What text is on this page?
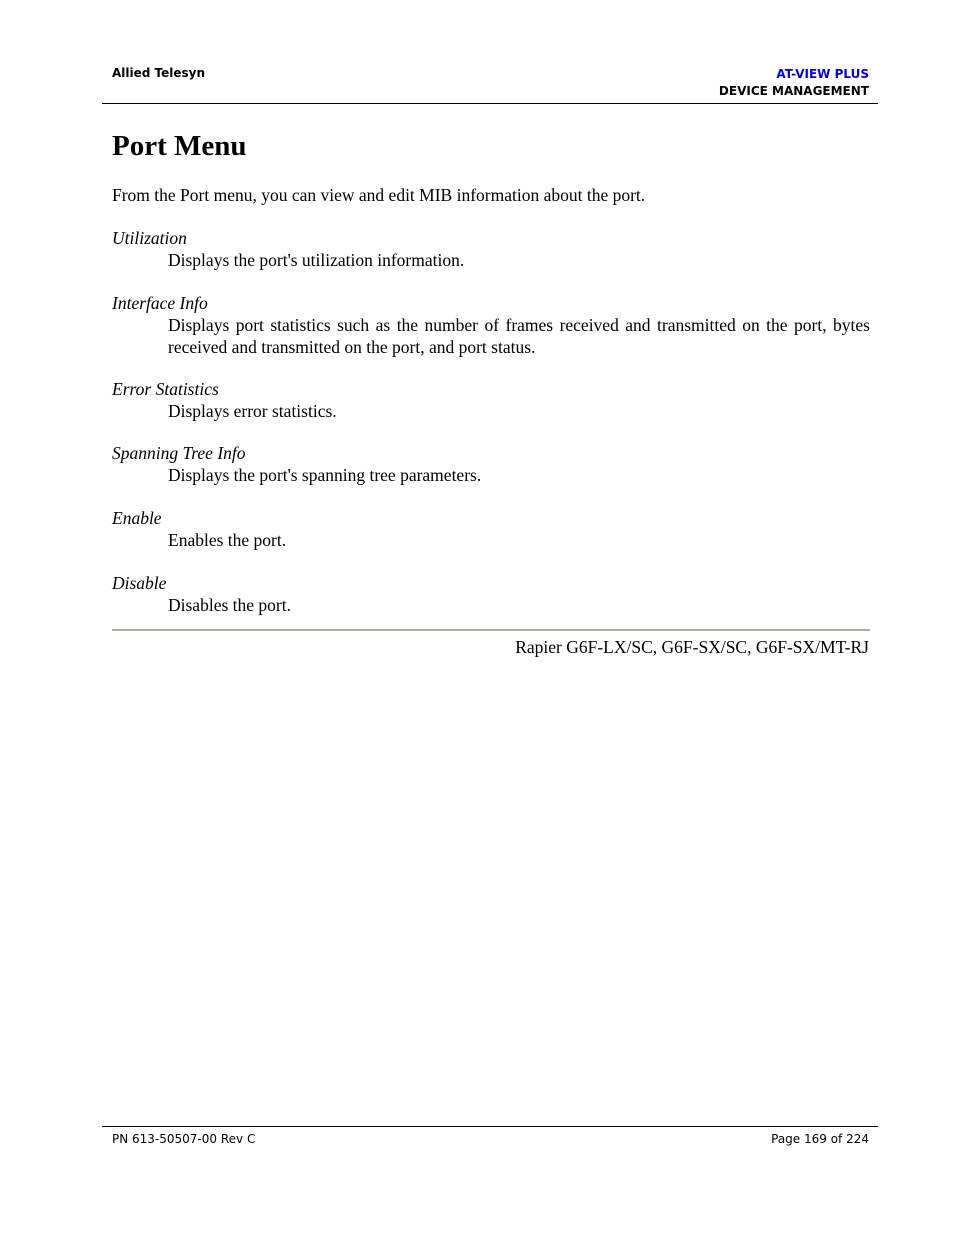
Allied Telesyn	AT-VIEW PLUS
DEVICE MANAGEMENT
Port Menu

From the Port menu, you can view and edit MIB information about the port.

Utilization

Displays the port's utilization information.

Interface Info

Displays port statistics such as the number of frames received and transmitted on the port, bytes received and transmitted on the port, and port status.

Error Statistics

Displays error statistics.

Spanning Tree Info

Displays the port's spanning tree parameters.

Enable

Enables the port.

Disable

Disables the port.

Rapier G6F-LX/SC, G6F-SX/SC, G6F-SX/MT-RJ
PN 613-50507-00 Rev C	Page 169 of 224
